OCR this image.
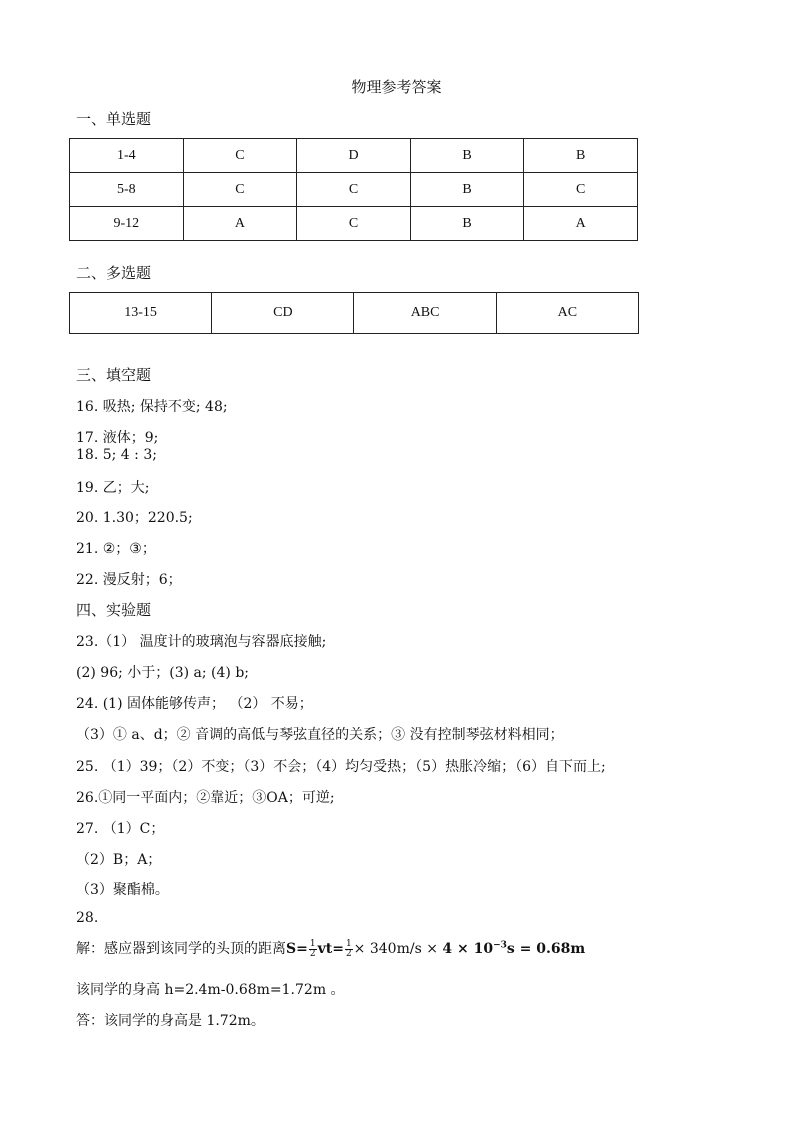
物理参考答案
一、单选题
1-4	C	D	B	B
5-8	C	C	B	C
9-12	A	C	B	A
二、多选题
13-15	CD	ABC	AC
三、填空题
16. 吸热; 保持不变; 48;
17. 液体；9;
18. 5; 4 : 3;
19. 乙；大;
20. 1.30；220.5;
21. ②；③；
22. 漫反射；6；
四、实验题
23.（1） 温度计的玻璃泡与容器底接触;
(2) 96; 小于；(3) a; (4) b;
24. (1) 固体能够传声； （2） 不易；
（3）① a、d；② 音调的高低与琴弦直径的关系；③ 没有控制琴弦材料相同；
25. （1）39；（2）不变；（3）不会；（4）均匀受热；（5）热胀冷缩；（6）自下而上;
26.①同一平面内；②靠近；③OA；可逆;
27. （1）C；
（2）B；A；
（3）聚酯棉。
28.
解：感应器到该同学的头顶的距离$S= \frac{1}{2} vt= \frac{1}{2} \times 340m/s \times 4 \times 10^{-3}s = 0.68m$
该同学的身高 h=2.4m-0.68m=1.72m 。
答：该同学的身高是 1.72m。
